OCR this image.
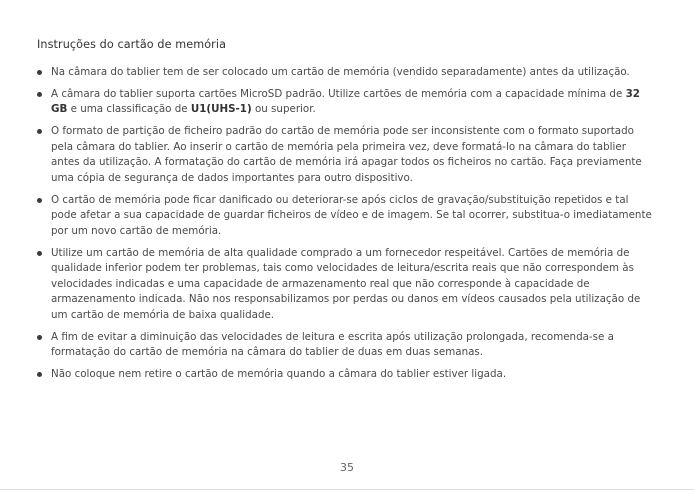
Instruções do cartão de memória
Na câmara do tablier tem de ser colocado um cartão de memória (vendido separadamente) antes da utilização.
A câmara do tablier suporta cartões MicroSD padrão. Utilize cartões de memória com a capacidade mínima de 32 GB e uma classificação de U1(UHS-1) ou superior.
O formato de partição de ficheiro padrão do cartão de memória pode ser inconsistente com o formato suportado pela câmara do tablier. Ao inserir o cartão de memória pela primeira vez, deve formatá-lo na câmara do tablier antes da utilização. A formatação do cartão de memória irá apagar todos os ficheiros no cartão. Faça previamente uma cópia de segurança de dados importantes para outro dispositivo.
O cartão de memória pode ficar danificado ou deteriorar-se após ciclos de gravação/substituição repetidos e tal pode afetar a sua capacidade de guardar ficheiros de vídeo e de imagem. Se tal ocorrer, substitua-o imediatamente por um novo cartão de memória.
Utilize um cartão de memória de alta qualidade comprado a um fornecedor respeitável. Cartões de memória de qualidade inferior podem ter problemas, tais como velocidades de leitura/escrita reais que não correspondem às velocidades indicadas e uma capacidade de armazenamento real que não corresponde à capacidade de armazenamento indicada. Não nos responsabilizamos por perdas ou danos em vídeos causados pela utilização de um cartão de memória de baixa qualidade.
A fim de evitar a diminuição das velocidades de leitura e escrita após utilização prolongada, recomenda-se a formatação do cartão de memória na câmara do tablier de duas em duas semanas.
Não coloque nem retire o cartão de memória quando a câmara do tablier estiver ligada.
35
